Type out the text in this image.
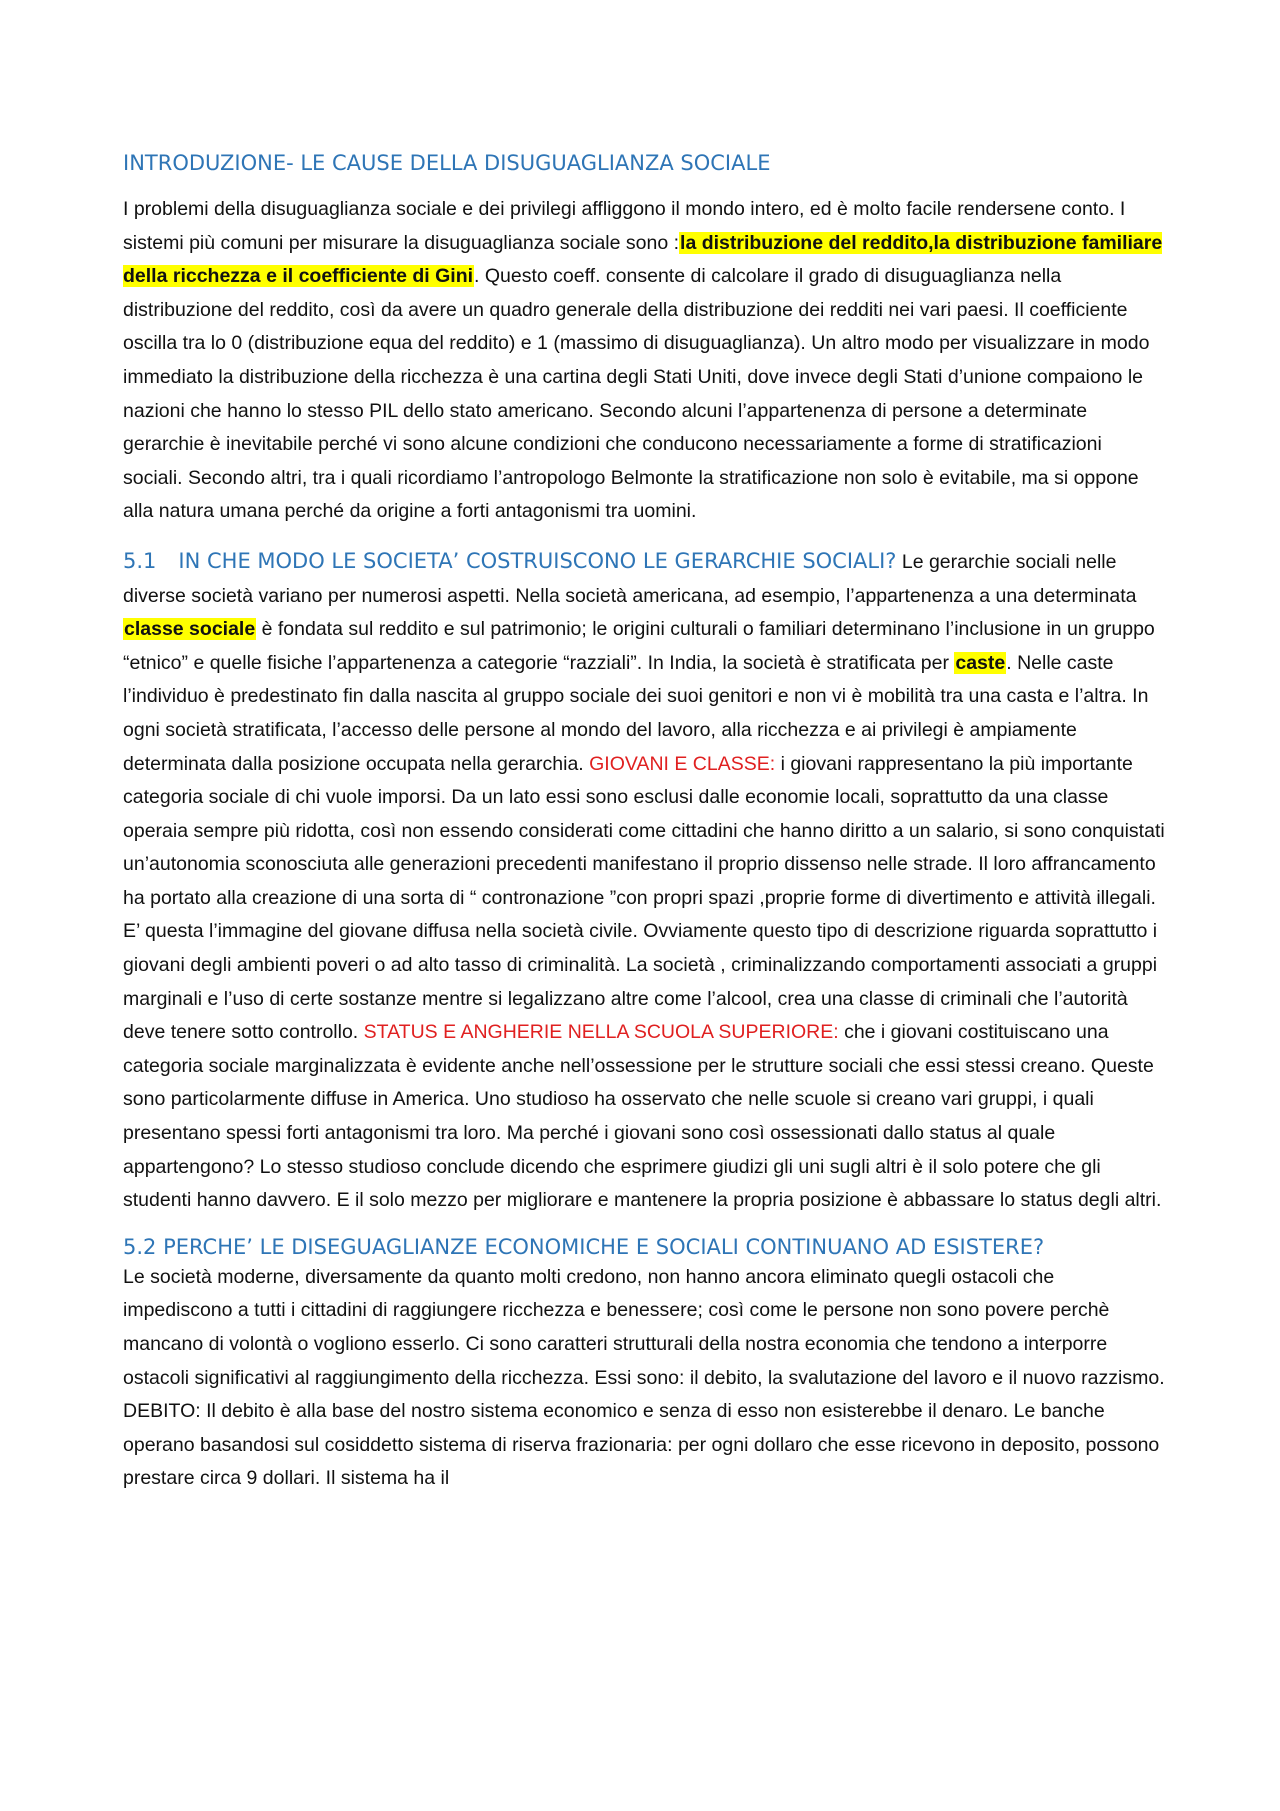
INTRODUZIONE- LE CAUSE DELLA DISUGUAGLIANZA SOCIALE

I problemi della disuguaglianza sociale e dei privilegi affliggono il mondo intero, ed è molto facile rendersene conto. I sistemi più comuni per misurare la disuguaglianza sociale sono :la distribuzione del reddito,la distribuzione familiare della ricchezza e il coefficiente di Gini. Questo coeff. consente di calcolare il grado di disuguaglianza nella distribuzione del reddito, così da avere un quadro generale della distribuzione dei redditi nei vari paesi. Il coefficiente oscilla tra lo 0 (distribuzione equa del reddito) e 1 (massimo di disuguaglianza). Un altro modo per visualizzare in modo immediato la distribuzione della ricchezza è una cartina degli Stati Uniti, dove invece degli Stati d’unione compaiono le nazioni che hanno lo stesso PIL dello stato americano. Secondo alcuni l’appartenenza di persone a determinate gerarchie è inevitabile perché vi sono alcune condizioni che conducono necessariamente a forme di stratificazioni sociali. Secondo altri, tra i quali ricordiamo l’antropologo Belmonte la stratificazione non solo è evitabile, ma si oppone alla natura umana perché da origine a forti antagonismi tra uomini.

5.1 IN CHE MODO LE SOCIETA’ COSTRUISCONO LE GERARCHIE SOCIALI? Le gerarchie sociali nelle diverse società variano per numerosi aspetti. Nella società americana, ad esempio, l’appartenenza a una determinata classe sociale è fondata sul reddito e sul patrimonio; le origini culturali o familiari determinano l’inclusione in un gruppo “etnico” e quelle fisiche l’appartenenza a categorie “razziali”. In India, la società è stratificata per caste. Nelle caste l’individuo è predestinato fin dalla nascita al gruppo sociale dei suoi genitori e non vi è mobilità tra una casta e l’altra. In ogni società stratificata, l’accesso delle persone al mondo del lavoro, alla ricchezza e ai privilegi è ampiamente determinata dalla posizione occupata nella gerarchia. GIOVANI E CLASSE: i giovani rappresentano la più importante categoria sociale di chi vuole imporsi. Da un lato essi sono esclusi dalle economie locali, soprattutto da una classe operaia sempre più ridotta, così non essendo considerati come cittadini che hanno diritto a un salario, si sono conquistati un’autonomia sconosciuta alle generazioni precedenti manifestano il proprio dissenso nelle strade. Il loro affrancamento ha portato alla creazione di una sorta di “ contronazione ”con propri spazi ,proprie forme di divertimento e attività illegali. E’ questa l’immagine del giovane diffusa nella società civile. Ovviamente questo tipo di descrizione riguarda soprattutto i giovani degli ambienti poveri o ad alto tasso di criminalità. La società , criminalizzando comportamenti associati a gruppi marginali e l’uso di certe sostanze mentre si legalizzano altre come l’alcool, crea una classe di criminali che l’autorità deve tenere sotto controllo. STATUS E ANGHERIE NELLA SCUOLA SUPERIORE: che i giovani costituiscano una categoria sociale marginalizzata è evidente anche nell’ossessione per le strutture sociali che essi stessi creano. Queste sono particolarmente diffuse in America. Uno studioso ha osservato che nelle scuole si creano vari gruppi, i quali presentano spessi forti antagonismi tra loro. Ma perché i giovani sono così ossessionati dallo status al quale appartengono? Lo stesso studioso conclude dicendo che esprimere giudizi gli uni sugli altri è il solo potere che gli studenti hanno davvero. E il solo mezzo per migliorare e mantenere la propria posizione è abbassare lo status degli altri.

5.2 PERCHE’ LE DISEGUAGLIANZE ECONOMICHE E SOCIALI CONTINUANO AD ESISTERE?

Le società moderne, diversamente da quanto molti credono, non hanno ancora eliminato quegli ostacoli che impediscono a tutti i cittadini di raggiungere ricchezza e benessere; così come le persone non sono povere perchè mancano di volontà o vogliono esserlo. Ci sono caratteri strutturali della nostra economia che tendono a interporre ostacoli significativi al raggiungimento della ricchezza. Essi sono: il debito, la svalutazione del lavoro e il nuovo razzismo. DEBITO: Il debito è alla base del nostro sistema economico e senza di esso non esisterebbe il denaro. Le banche operano basandosi sul cosiddetto sistema di riserva frazionaria: per ogni dollaro che esse ricevono in deposito, possono prestare circa 9 dollari. Il sistema ha il
